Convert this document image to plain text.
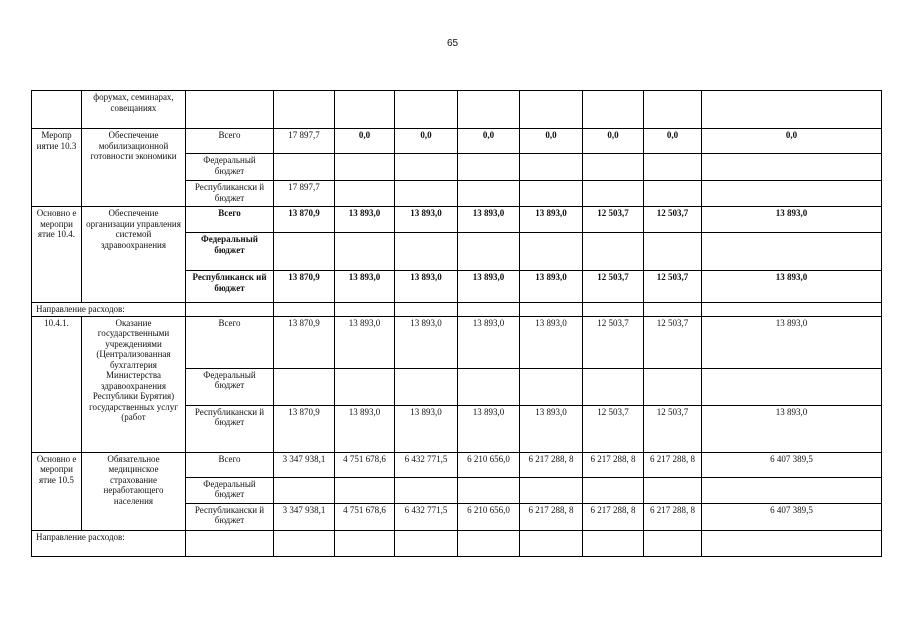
65
	форумах, семинарах, совещаниях									
Меропр иятие 10.3	Обеспечение мобилизационной готовности экономики	Всего	17 897,7	0,0	0,0	0,0	0,0	0,0	0,0	0,0
		Федеральный бюджет								
		Республикански й бюджет	17 897,7							
Основно е меропри ятие 10.4.	Обеспечение организации управления системой здравоохранения	Всего	13 870,9	13 893,0	13 893,0	13 893,0	13 893,0	12 503,7	12 503,7	13 893,0
		Федеральный бюджет								
		Республиканск ий бюджет	13 870,9	13 893,0	13 893,0	13 893,0	13 893,0	12 503,7	12 503,7	13 893,0
Направление расходов:										
10.4.1.	Оказание государственными учреждениями (Централизованная бухгалтерия Министерства здравоохранения Республики Бурятия) государственных услуг (работ	Всего	13 870,9	13 893,0	13 893,0	13 893,0	13 893,0	12 503,7	12 503,7	13 893,0
		Федеральный бюджет								
		Республикански й бюджет	13 870,9	13 893,0	13 893,0	13 893,0	13 893,0	12 503,7	12 503,7	13 893,0
Основно е меропри ятие 10.5	Обязательное медицинское страхование неработающего населения	Всего	3 347 938,1	4 751 678,6	6 432 771,5	6 210 656,0	6 217 288, 8	6 217 288, 8	6 217 288, 8	6 407 389,5
		Федеральный бюджет								
		Республикански й бюджет	3 347 938,1	4 751 678,6	6 432 771,5	6 210 656,0	6 217 288, 8	6 217 288, 8	6 217 288, 8	6 407 389,5
Направление расходов:										
